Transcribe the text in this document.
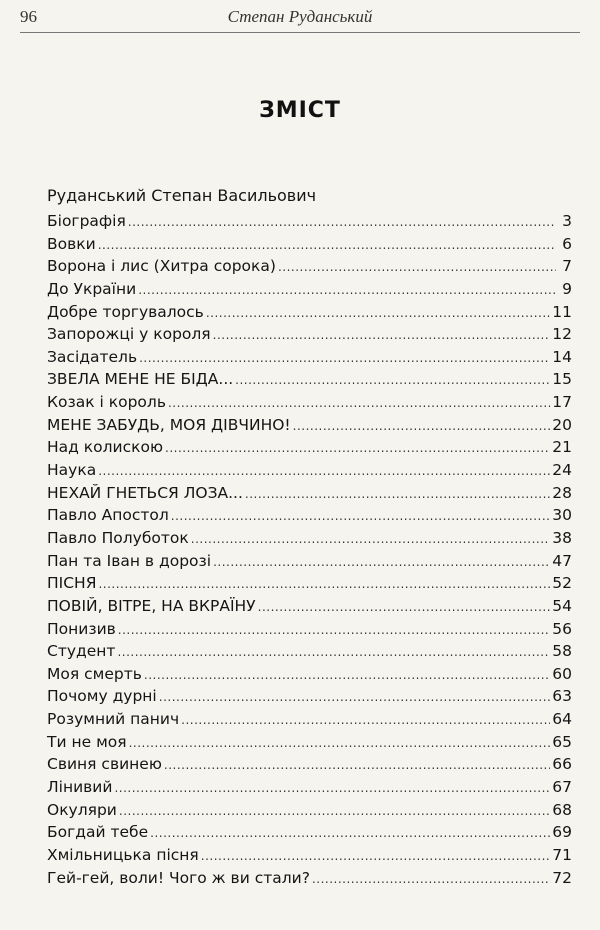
96	Степан Руданський
ЗМІСТ
Руданський Степан Васильович
Біографія .....	3
Вовки .....	6
Ворона і лис (Хитра сорока) .....	7
До України .....	9
Добре торгувалось .....	11
Запорожці у короля .....	12
Засідатель .....	14
ЗВЕЛА МЕНЕ НЕ БІДА... .....	15
Козак і король .....	17
МЕНЕ ЗАБУДЬ, МОЯ ДІВЧИНО! .....	20
Над колискою .....	21
Наука .....	24
НЕХАЙ ГНЕТЬСЯ ЛОЗА... .....	28
Павло Апостол .....	30
Павло Полуботок .....	38
Пан та Іван в дорозі .....	47
ПІСНЯ .....	52
ПОВІЙ, ВІТРЕ, НА ВКРАЇНУ .....	54
Понизив .....	56
Студент .....	58
Моя смерть .....	60
Почому дурні .....	63
Розумний панич .....	64
Ти не моя .....	65
Свиня свинею .....	66
Лінивий .....	67
Окуляри .....	68
Богдай тебе .....	69
Хмільницька пісня .....	71
Гей-гей, воли! Чого ж ви стали? .....	72
